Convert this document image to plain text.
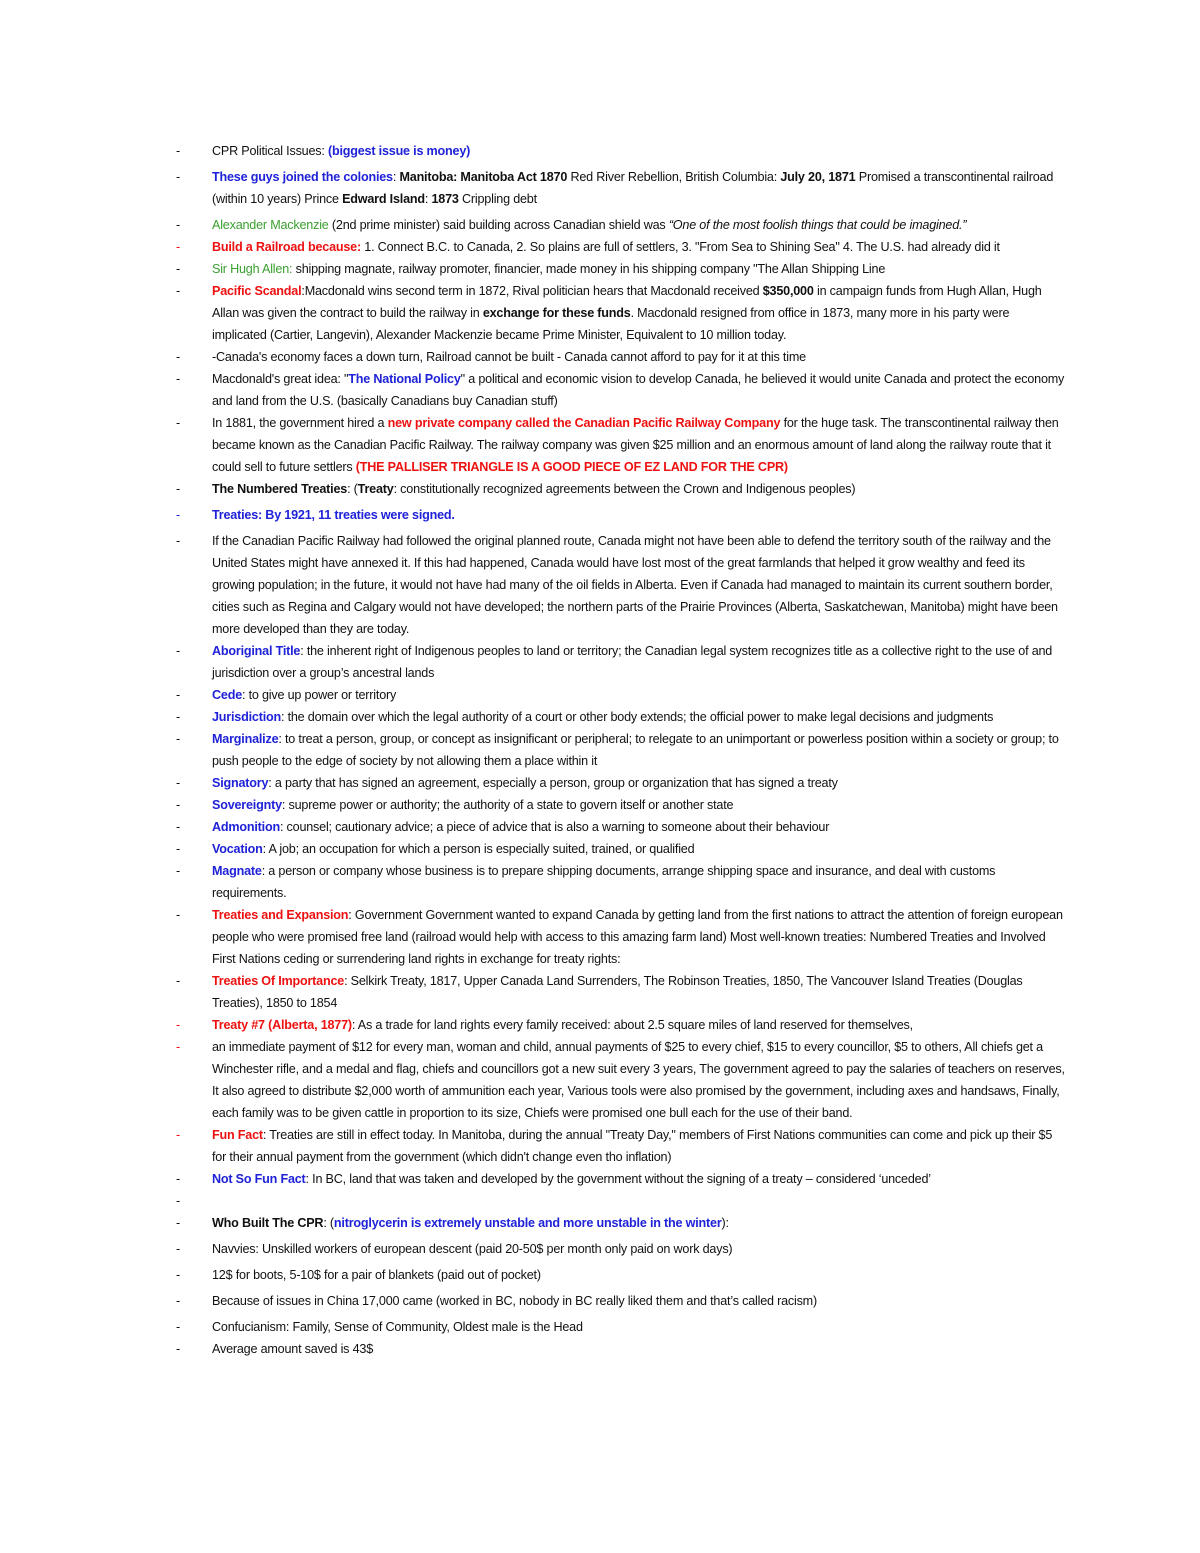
-	CPR Political Issues: (biggest issue is money)
-	These guys joined the colonies: Manitoba: Manitoba Act 1870 Red River Rebellion, British Columbia: July 20, 1871 Promised a transcontinental railroad (within 10 years) Prince Edward Island: 1873 Crippling debt
-	Alexander Mackenzie (2nd prime minister) said building across Canadian shield was “One of the most foolish things that could be imagined.”
-	Build a Railroad because: 1. Connect B.C. to Canada, 2. So plains are full of settlers, 3. "From Sea to Shining Sea" 4. The U.S. had already did it
-	Sir Hugh Allen: shipping magnate, railway promoter, financier, made money in his shipping company "The Allan Shipping Line
-	Pacific Scandal:Macdonald wins second term in 1872, Rival politician hears that Macdonald received $350,000 in campaign funds from Hugh Allan, Hugh Allan was given the contract to build the railway in exchange for these funds. Macdonald resigned from office in 1873, many more in his party were implicated (Cartier, Langevin), Alexander Mackenzie became Prime Minister, Equivalent to 10 million today.
-	-Canada's economy faces a down turn, Railroad cannot be built - Canada cannot afford to pay for it at this time
-	Macdonald's great idea: "The National Policy" a political and economic vision to develop Canada, he believed it would unite Canada and protect the economy and land from the U.S. (basically Canadians buy Canadian stuff)
-	In 1881, the government hired a new private company called the Canadian Pacific Railway Company for the huge task. The transcontinental railway then became known as the Canadian Pacific Railway. The railway company was given $25 million and an enormous amount of land along the railway route that it could sell to future settlers (THE PALLISER TRIANGLE IS A GOOD PIECE OF EZ LAND FOR THE CPR)
-	The Numbered Treaties: (Treaty: constitutionally recognized agreements between the Crown and Indigenous peoples)
-	Treaties: By 1921, 11 treaties were signed.
-	If the Canadian Pacific Railway had followed the original planned route, Canada might not have been able to defend the territory south of the railway and the United States might have annexed it. If this had happened, Canada would have lost most of the great farmlands that helped it grow wealthy and feed its growing population; in the future, it would not have had many of the oil fields in Alberta. Even if Canada had managed to maintain its current southern border, cities such as Regina and Calgary would not have developed; the northern parts of the Prairie Provinces (Alberta, Saskatchewan, Manitoba) might have been more developed than they are today.
-	Aboriginal Title: the inherent right of Indigenous peoples to land or territory; the Canadian legal system recognizes title as a collective right to the use of and jurisdiction over a group’s ancestral lands
-	Cede: to give up power or territory
-	Jurisdiction: the domain over which the legal authority of a court or other body extends; the official power to make legal decisions and judgments
-	Marginalize: to treat a person, group, or concept as insignificant or peripheral; to relegate to an unimportant or powerless position within a society or group; to push people to the edge of society by not allowing them a place within it
-	Signatory: a party that has signed an agreement, especially a person, group or organization that has signed a treaty
-	Sovereignty: supreme power or authority; the authority of a state to govern itself or another state
-	Admonition: counsel; cautionary advice; a piece of advice that is also a warning to someone about their behaviour
-	Vocation: A job; an occupation for which a person is especially suited, trained, or qualified
-	Magnate: a person or company whose business is to prepare shipping documents, arrange shipping space and insurance, and deal with customs requirements.
-	Treaties and Expansion: Government Government wanted to expand Canada by getting land from the first nations to attract the attention of foreign european people who were promised free land (railroad would help with access to this amazing farm land) Most well-known treaties: Numbered Treaties and Involved First Nations ceding or surrendering land rights in exchange for treaty rights:
-	Treaties Of Importance: Selkirk Treaty, 1817, Upper Canada Land Surrenders, The Robinson Treaties, 1850, The Vancouver Island Treaties (Douglas Treaties), 1850 to 1854
-	Treaty #7 (Alberta, 1877): As a trade for land rights every family received: about 2.5 square miles of land reserved for themselves,
-	an immediate payment of $12 for every man, woman and child, annual payments of $25 to every chief, $15 to every councillor, $5 to others, All chiefs get a Winchester rifle, and a medal and flag, chiefs and councillors got a new suit every 3 years, The government agreed to pay the salaries of teachers on reserves, It also agreed to distribute $2,000 worth of ammunition each year, Various tools were also promised by the government, including axes and handsaws, Finally, each family was to be given cattle in proportion to its size, Chiefs were promised one bull each for the use of their band.
-	Fun Fact: Treaties are still in effect today. In Manitoba, during the annual "Treaty Day," members of First Nations communities can come and pick up their $5 for their annual payment from the government (which didn't change even tho inflation)
-	Not So Fun Fact: In BC, land that was taken and developed by the government without the signing of a treaty – considered ‘unceded’
-

-	Who Built The CPR: (nitroglycerin is extremely unstable and more unstable in the winter):
-	Navvies: Unskilled workers of european descent (paid 20-50$ per month only paid on work days)
-	12$ for boots, 5-10$ for a pair of blankets (paid out of pocket)
-	Because of issues in China 17,000 came (worked in BC, nobody in BC really liked them and that’s called racism)
-	Confucianism: Family, Sense of Community, Oldest male is the Head
-	Average amount saved is 43$
